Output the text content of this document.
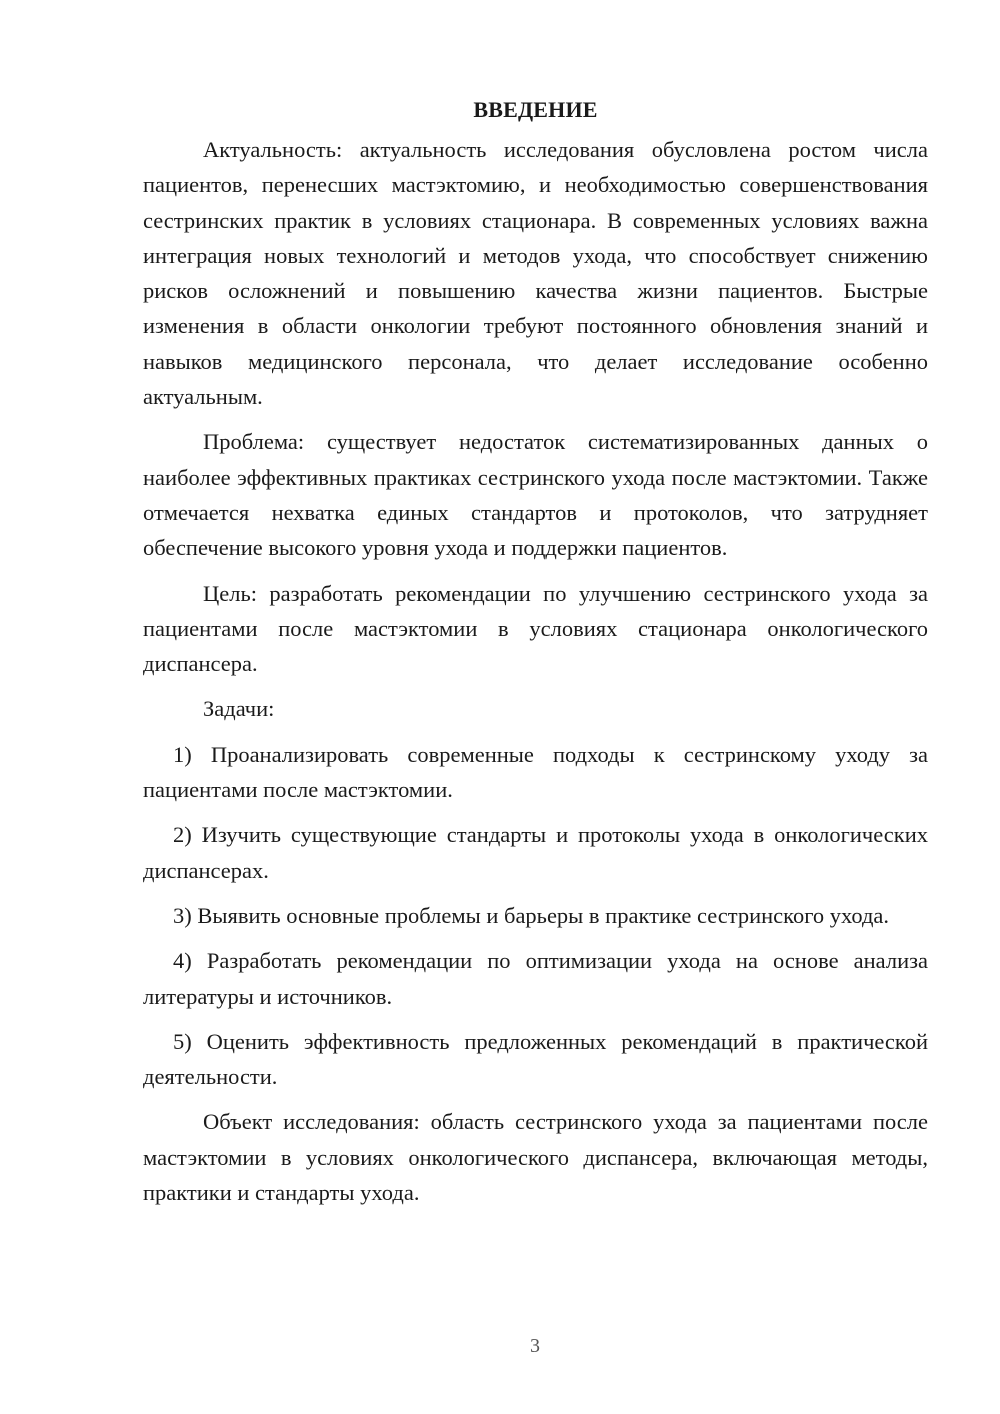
ВВЕДЕНИЕ

Актуальность: актуальность исследования обусловлена ростом числа пациентов, перенесших мастэктомию, и необходимостью совершенствования сестринских практик в условиях стационара. В современных условиях важна интеграция новых технологий и методов ухода, что способствует снижению рисков осложнений и повышению качества жизни пациентов. Быстрые изменения в области онкологии требуют постоянного обновления знаний и навыков медицинского персонала, что делает исследование особенно актуальным.

Проблема: существует недостаток систематизированных данных о наиболее эффективных практиках сестринского ухода после мастэктомии. Также отмечается нехватка единых стандартов и протоколов, что затрудняет обеспечение высокого уровня ухода и поддержки пациентов.

Цель: разработать рекомендации по улучшению сестринского ухода за пациентами после мастэктомии в условиях стационара онкологического диспансера.

Задачи:

1) Проанализировать современные подходы к сестринскому уходу за пациентами после мастэктомии.

2) Изучить существующие стандарты и протоколы ухода в онкологических диспансерах.

3) Выявить основные проблемы и барьеры в практике сестринского ухода.

4) Разработать рекомендации по оптимизации ухода на основе анализа литературы и источников.

5) Оценить эффективность предложенных рекомендаций в практической деятельности.

Объект исследования: область сестринского ухода за пациентами после мастэктомии в условиях онкологического диспансера, включающая методы, практики и стандарты ухода.

3
